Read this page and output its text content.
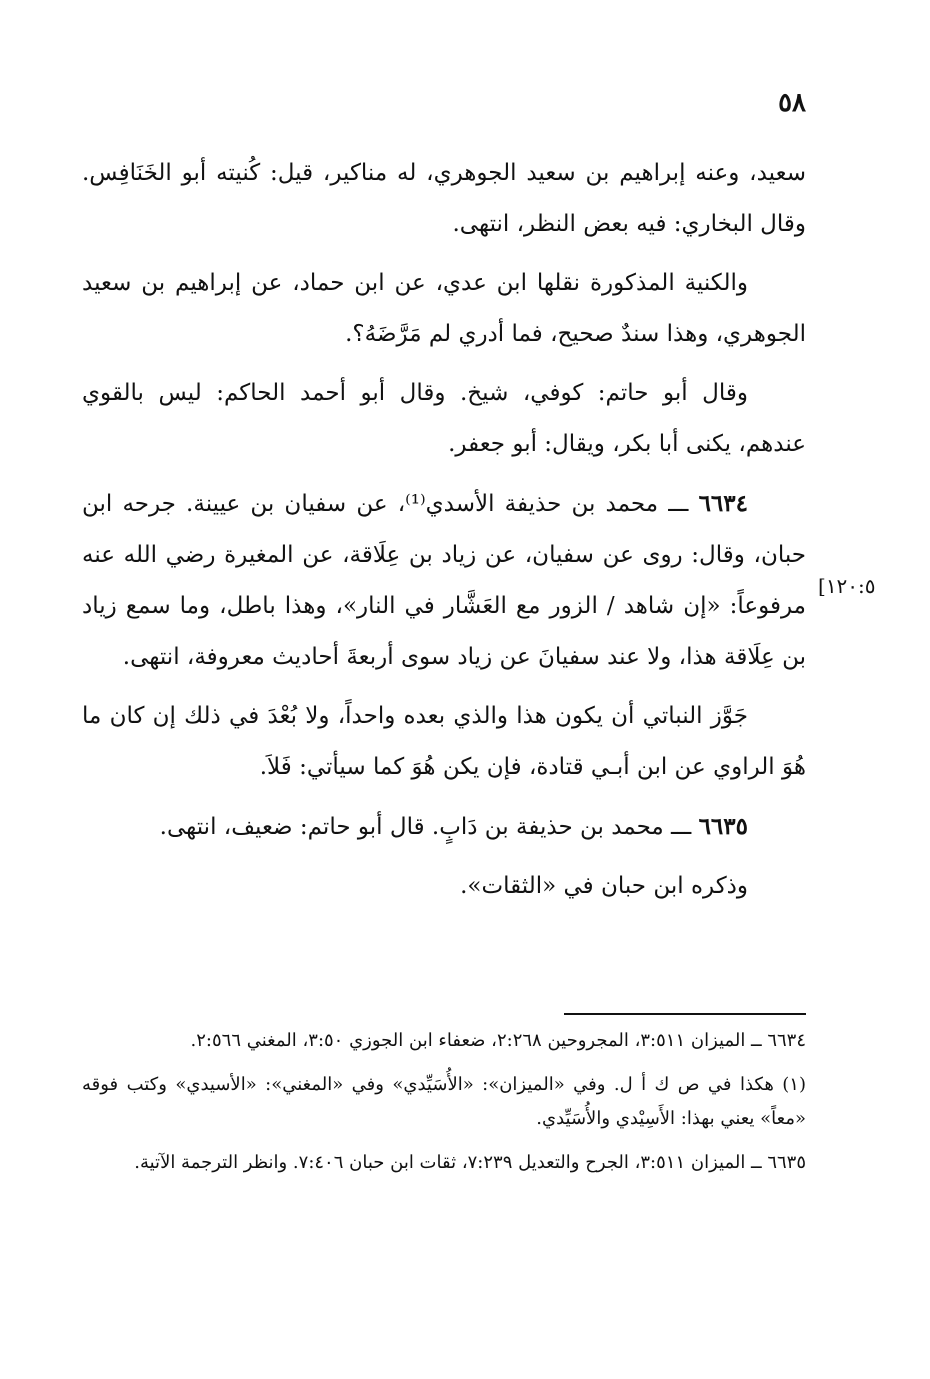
٥٨
[١٢٠:٥

سعيد، وعنه إبراهيم بن سعيد الجوهري، له مناكير، قيل: كُنيته أبو الخَنَافِس. وقال البخاري: فيه بعض النظر، انتهى.

والكنية المذكورة نقلها ابن عدي، عن ابن حماد، عن إبراهيم بن سعيد الجوهري، وهذا سندٌ صحيح، فما أدري لم مَرَّضَهُ؟.

وقال أبو حاتم: كوفي، شيخ. وقال أبو أحمد الحاكم: ليس بالقوي عندهم، يكنى أبا بكر، ويقال: أبو جعفر.

٦٦٣٤ ـــ محمد بن حذيفة الأسدي⁽¹⁾، عن سفيان بن عيينة. جرحه ابن حبان، وقال: روى عن سفيان، عن زياد بن عِلَاقة، عن المغيرة رضي الله عنه مرفوعاً: «إن شاهد / الزور مع العَشَّار في النار»، وهذا باطل، وما سمع زياد بن عِلَاقة هذا، ولا عند سفيانَ عن زياد سوى أربعةَ أحاديث معروفة، انتهى.

جَوَّز النباتي أن يكون هذا والذي بعده واحداً، ولا بُعْدَ في ذلك إن كان ما هُوَ الراوي عن ابن أبـي قتادة، فإن يكن هُوَ كما سيأتي: فَلاَ.

٦٦٣٥ ـــ محمد بن حذيفة بن دَابٍ. قال أبو حاتم: ضعيف، انتهى.

وذكره ابن حبان في «الثقات».

٦٦٣٤ ــ الميزان ٣:٥١١، المجروحين ٢:٢٦٨، ضعفاء ابن الجوزي ٣:٥٠، المغني ٢:٥٦٦.

(١) هكذا في ص ك أ ل. وفي «الميزان»: «الأُسَيِّدي» وفي «المغني»: «الأسيدي» وكتب فوقه «معاً» يعني بهذا: الأَسِيْدي والأُسَيِّدي.

٦٦٣٥ ــ الميزان ٣:٥١١، الجرح والتعديل ٧:٢٣٩، ثقات ابن حبان ٧:٤٠٦. وانظر الترجمة الآتية.
